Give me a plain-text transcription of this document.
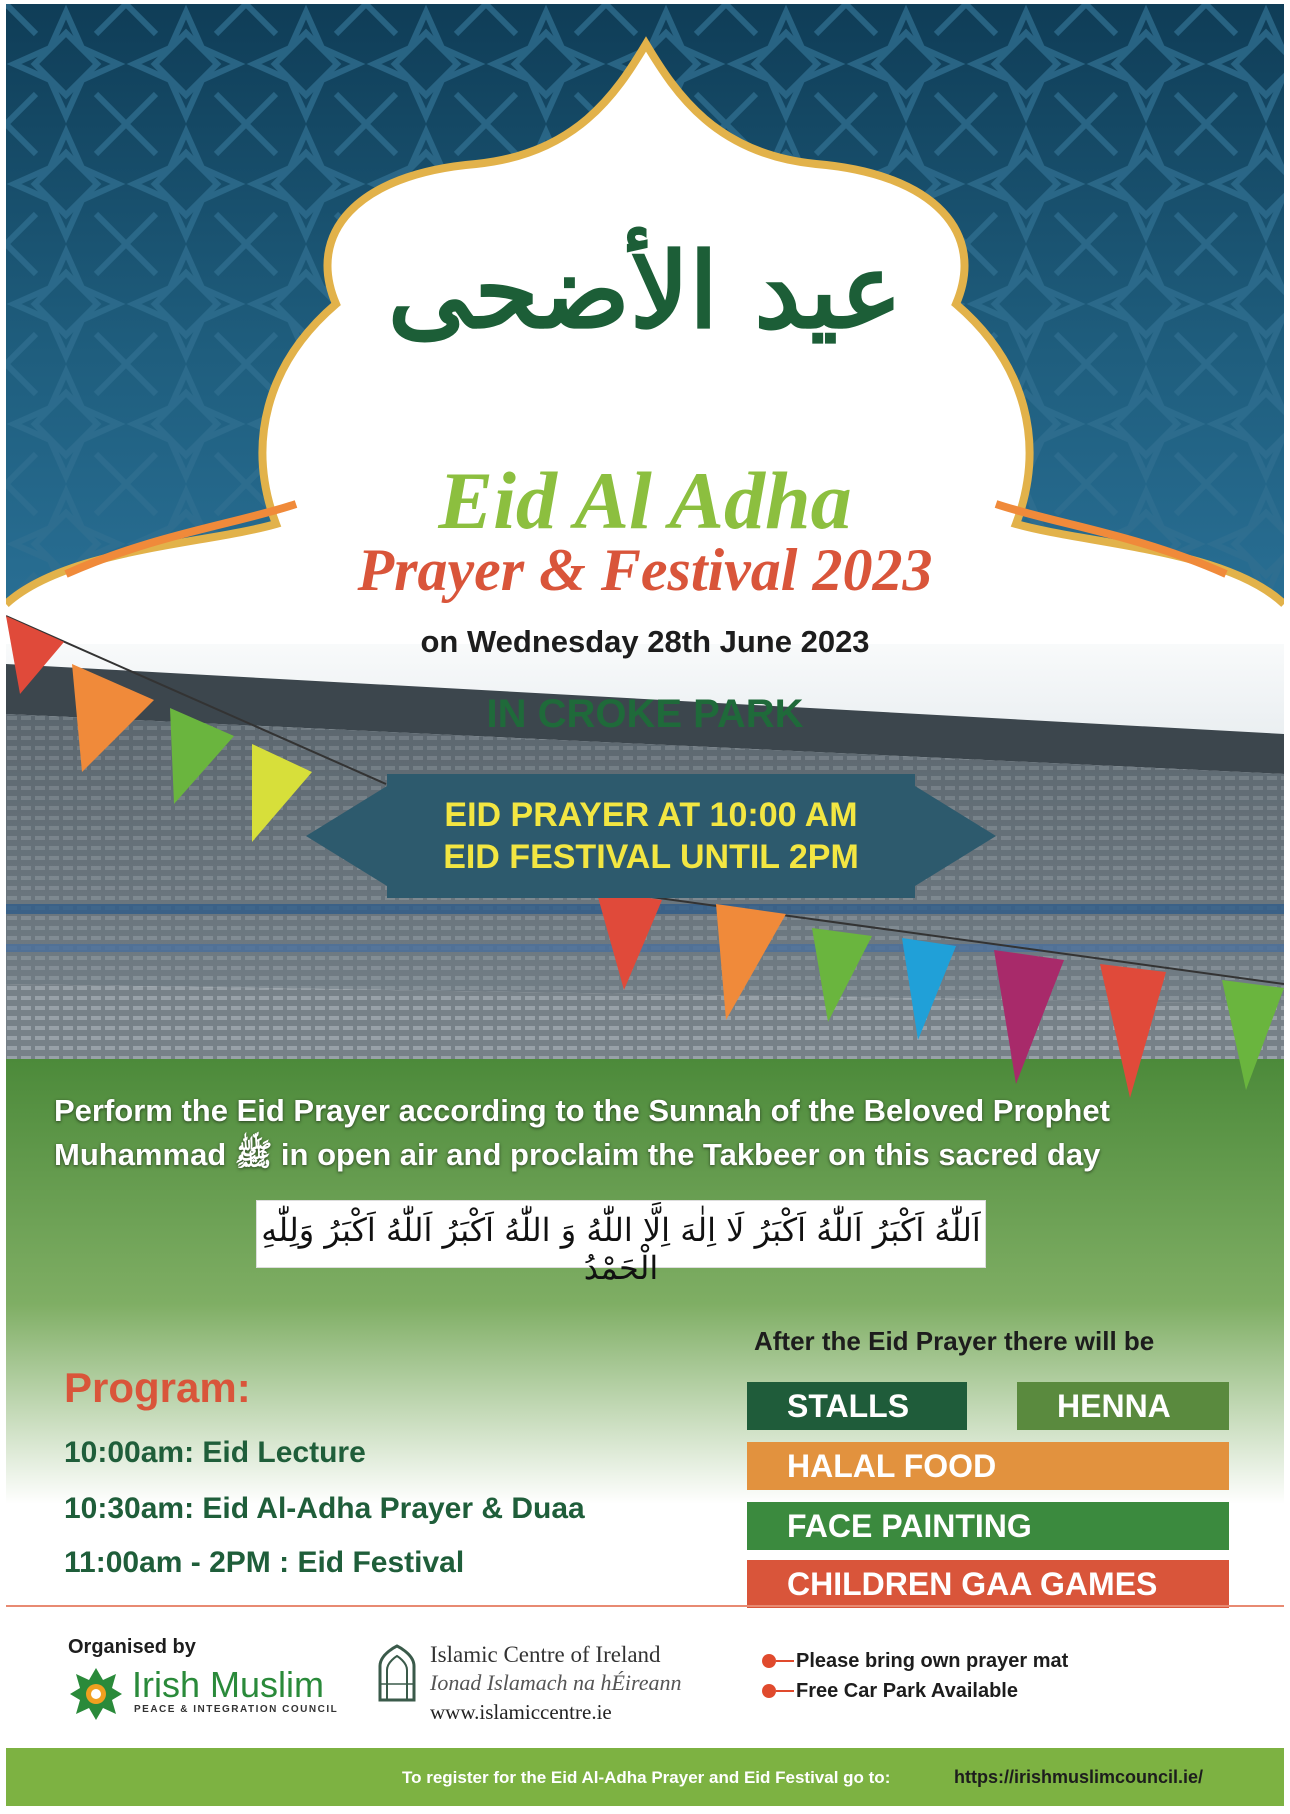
عيد الأضحى
Eid Al Adha
Prayer & Festival 2023
on Wednesday 28th June 2023
IN CROKE PARK
EID PRAYER AT 10:00 AM
EID FESTIVAL UNTIL 2PM
Perform the Eid Prayer according to the Sunnah of the Beloved Prophet
Muhammad ﷺ in open air and proclaim the Takbeer on this sacred day
اَللّٰهُ اَكْبَرُ اَللّٰهُ اَكْبَرُ لَا اِلٰهَ اِلَّا اللّٰهُ وَ اللّٰهُ اَكْبَرُ اَللّٰهُ اَكْبَرُ وَلِلّٰهِ الْحَمْدُ
After the Eid Prayer there will be
STALLS	HENNA
HALAL FOOD
FACE PAINTING
CHILDREN GAA GAMES
Program:
10:00am: Eid Lecture
10:30am: Eid Al-Adha Prayer & Duaa
11:00am - 2PM : Eid Festival
Organised by
Irish Muslim
PEACE & INTEGRATION COUNCIL
Islamic Centre of Ireland
Ionad Islamach na hÉireann
www.islamiccentre.ie
Please bring own prayer mat
Free Car Park Available
To register for the Eid Al-Adha Prayer and Eid Festival go to:	https://irishmuslimcouncil.ie/
